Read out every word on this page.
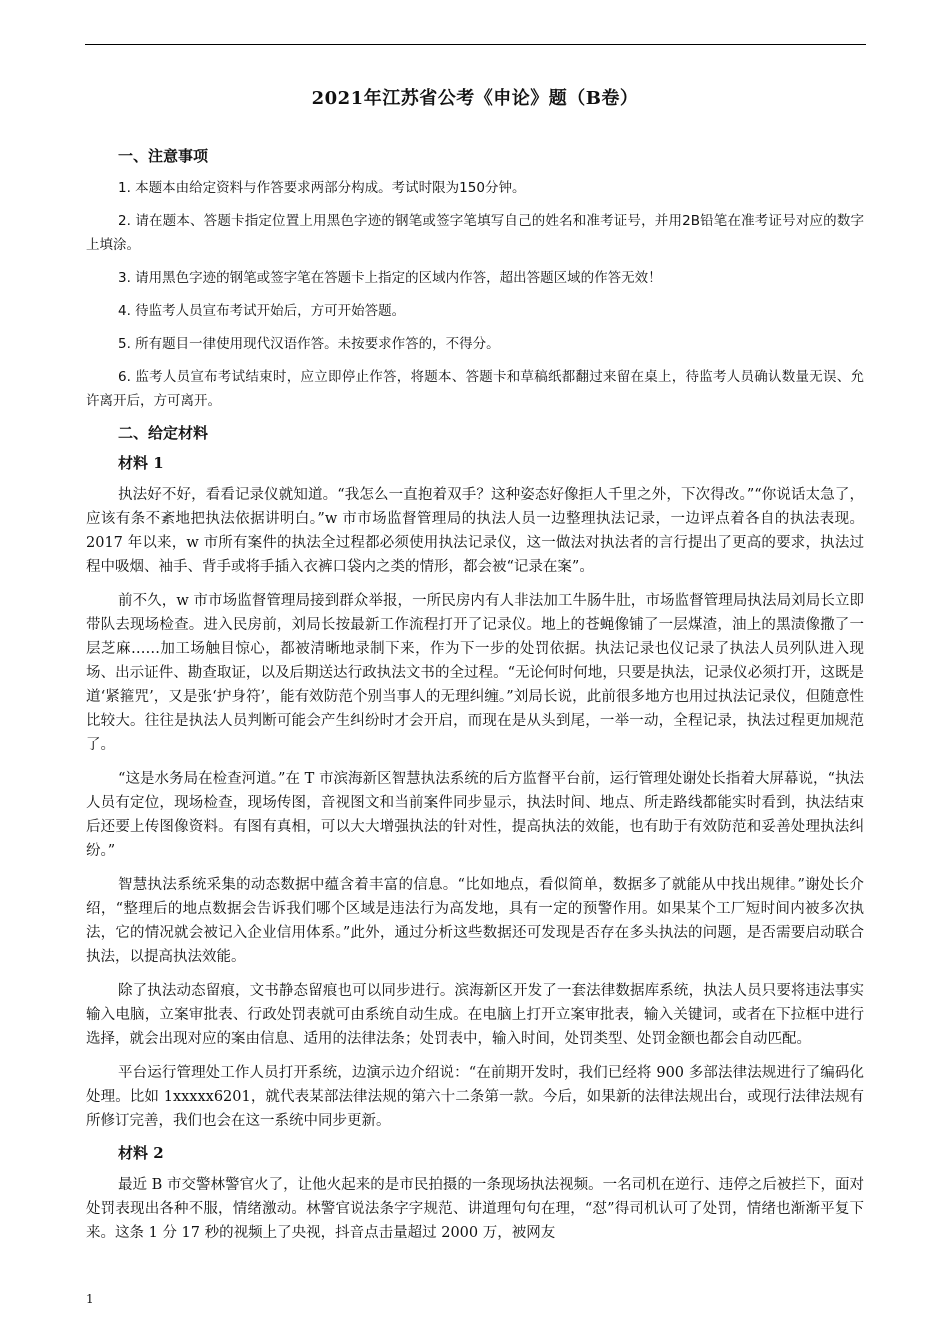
2021年江苏省公考《申论》题（B卷）
一、注意事项

1. 本题本由给定资料与作答要求两部分构成。考试时限为150分钟。

2. 请在题本、答题卡指定位置上用黑色字迹的钢笔或签字笔填写自己的姓名和准考证号，并用2B铅笔在准考证号对应的数字上填涂。

3. 请用黑色字迹的钢笔或签字笔在答题卡上指定的区域内作答，超出答题区域的作答无效！

4. 待监考人员宣布考试开始后，方可开始答题。

5. 所有题目一律使用现代汉语作答。未按要求作答的，不得分。

6. 监考人员宣布考试结束时，应立即停止作答，将题本、答题卡和草稿纸都翻过来留在桌上，待监考人员确认数量无误、允许离开后，方可离开。

二、给定材料
材料 1

执法好不好，看看记录仪就知道。“我怎么一直抱着双手？这种姿态好像拒人千里之外，下次得改。”“你说话太急了，应该有条不紊地把执法依据讲明白。”w 市市场监督管理局的执法人员一边整理执法记录，一边评点着各自的执法表现。2017 年以来，w 市所有案件的执法全过程都必须使用执法记录仪，这一做法对执法者的言行提出了更高的要求，执法过程中吸烟、袖手、背手或将手插入衣裤口袋内之类的情形，都会被“记录在案”。

前不久，w 市市场监督管理局接到群众举报，一所民房内有人非法加工牛肠牛肚，市场监督管理局执法局刘局长立即带队去现场检查。进入民房前，刘局长按最新工作流程打开了记录仪。地上的苍蝇像铺了一层煤渣，油上的黑渍像撒了一层芝麻……加工场触目惊心，都被清晰地录制下来，作为下一步的处罚依据。执法记录也仪记录了执法人员列队进入现场、出示证件、勘查取证，以及后期送达行政执法文书的全过程。“无论何时何地，只要是执法，记录仪必须打开，这既是道‘紧箍咒’，又是张‘护身符’，能有效防范个别当事人的无理纠缠。”刘局长说，此前很多地方也用过执法记录仪，但随意性比较大。往往是执法人员判断可能会产生纠纷时才会开启，而现在是从头到尾，一举一动，全程记录，执法过程更加规范了。

“这是水务局在检查河道。”在 T 市滨海新区智慧执法系统的后方监督平台前，运行管理处谢处长指着大屏幕说，“执法人员有定位，现场检查，现场传图，音视图文和当前案件同步显示，执法时间、地点、所走路线都能实时看到，执法结束后还要上传图像资料。有图有真相，可以大大增强执法的针对性，提高执法的效能，也有助于有效防范和妥善处理执法纠纷。”

智慧执法系统采集的动态数据中蕴含着丰富的信息。“比如地点，看似简单，数据多了就能从中找出规律。”谢处长介绍，“整理后的地点数据会告诉我们哪个区域是违法行为高发地，具有一定的预警作用。如果某个工厂短时间内被多次执法，它的情况就会被记入企业信用体系。”此外，通过分析这些数据还可发现是否存在多头执法的问题，是否需要启动联合执法，以提高执法效能。

除了执法动态留痕，文书静态留痕也可以同步进行。滨海新区开发了一套法律数据库系统，执法人员只要将违法事实输入电脑，立案审批表、行政处罚表就可由系统自动生成。在电脑上打开立案审批表，输入关键词，或者在下拉框中进行选择，就会出现对应的案由信息、适用的法律法条；处罚表中，输入时间，处罚类型、处罚金额也都会自动匹配。

平台运行管理处工作人员打开系统，边演示边介绍说：“在前期开发时，我们已经将 900 多部法律法规进行了编码化处理。比如 1xxxxx6201，就代表某部法律法规的第六十二条第一款。今后，如果新的法律法规出台，或现行法律法规有所修订完善，我们也会在这一系统中同步更新。

材料 2

最近 B 市交警林警官火了，让他火起来的是市民拍摄的一条现场执法视频。一名司机在逆行、违停之后被拦下，面对处罚表现出各种不服，情绪激动。林警官说法条字字规范、讲道理句句在理，“怼”得司机认可了处罚，情绪也渐渐平复下来。这条 1 分 17 秒的视频上了央视，抖音点击量超过 2000 万，被网友

1
